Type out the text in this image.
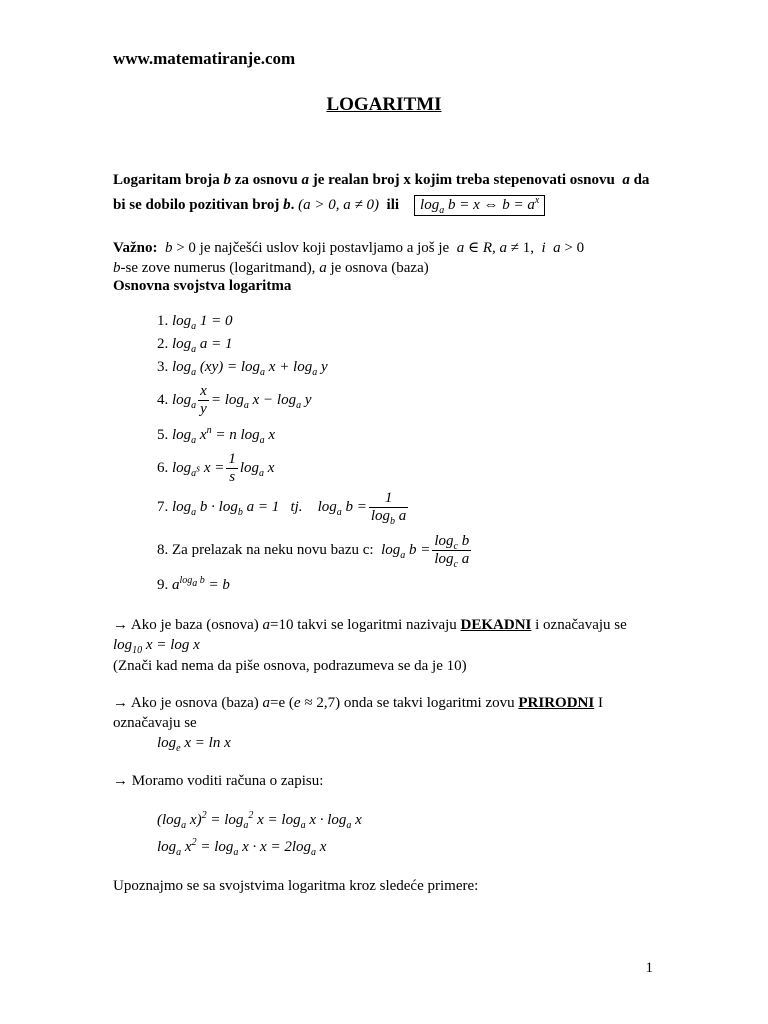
www.matematiranje.com
LOGARITMI
Logaritam broja b za osnovu a je realan broj x kojim treba stepenovati osnovu  a da
bi se dobilo pozitivan broj b. (a > 0, a ≠ 0) ili $\log_a b = x$ ⇔ $b = a^x$
Važno: b > 0 je najčešći uslov koji postavljamo a još je  a ∈ R, a ≠ 1,  i a > 0
b-se zove numerus (logaritmand), a je osnova (baza)
Osnovna svojstva logaritma
1. $\log_a 1 = 0$
2. $\log_a a = 1$
3. $\log_a (xy) = \log_a x + \log_a y$
4. $\log_a \frac{x}{y} = \log_a x - \log_a y$
5. $\log_a x^n = n$ $\log_a x$
6. $\log_{a^s} x = \frac{1}{s} \log_a x$
7. $\log_a b \cdot \log_b a = 1$ tj. $\log_a b = \frac{1}{\log_b a}$
8. Za prelazak na neku novu bazu c: $\log_a b = \frac{\log_c b}{\log_c a}$
9. $a^{log_a b} = b$
→ Ako je baza (osnova) a=10 takvi se logaritmi nazivaju DEKADNI i označavaju se
$\log_{10} x = \log x$
(Znači kad nema da piše osnova, podrazumeva se da je 10)
→ Ako je osnova (baza) a=e (e ≈ 2,7) onda se takvi logaritmi zovu PRIRODNI I
označavaju se
$\log_e x = \ln x$
→ Moramo voditi računa o zapisu:
($\log_a$ $x)^2 = \log_a^2 x = \log_a x \cdot \log_a x$
$\log_a x^2 = \log_a x \cdot x = 2\log_a$ x
Upoznajmo se sa svojstvima logaritma kroz sledeće primere:
1
